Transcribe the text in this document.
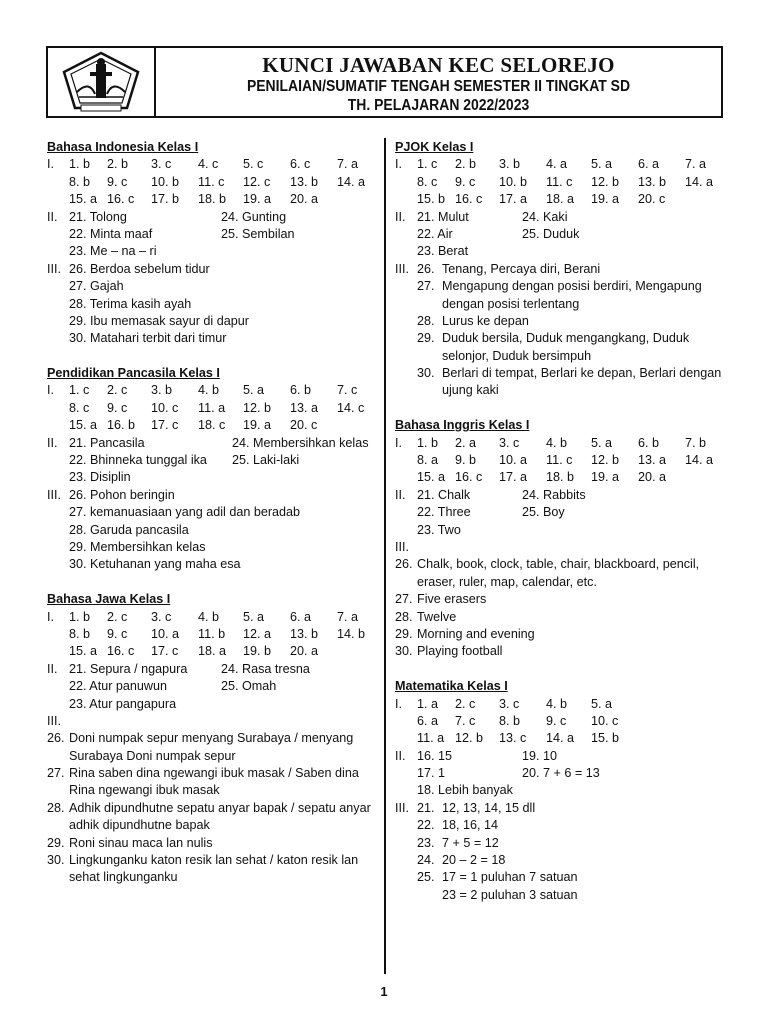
KUNCI JAWABAN KEC SELOREJO
PENILAIAN/SUMATIF TENGAH SEMESTER II TINGKAT SD
TH. PELAJARAN 2022/2023
Bahasa Indonesia Kelas I
I. 1. b 2. b 3. c 4. c 5. c 6. c 7. a
8. b 9. c 10. b 11. c 12. c 13. b 14. a
15. a 16. c 17. b 18. b 19. a 20. a
II. 21. Tolong	24. Gunting
22. Minta maaf	25. Sembilan
23. Me – na – ri
III. 26. Berdoa sebelum tidur
27. Gajah
28. Terima kasih ayah
29. Ibu memasak sayur di dapur
30. Matahari terbit dari timur
Pendidikan Pancasila Kelas I
I. 1. c 2. c 3. b 4. b 5. a 6. b 7. c
8. c 9. c 10. c 11. a 12. b 13. a 14. c
15. a 16. b 17. c 18. c 19. a 20. c
II. 21. Pancasila	24. Membersihkan kelas
22. Bhinneka tunggal ika 25. Laki-laki
23. Disiplin
III. 26. Pohon beringin
27. kemanuasiaan yang adil dan beradab
28. Garuda pancasila
29. Membersihkan kelas
30. Ketuhanan yang maha esa
Bahasa Jawa Kelas I
I. 1. b 2. c 3. c 4. b 5. a 6. a 7. a
8. b 9. c 10. a 11. b 12. a 13. b 14. b
15. a 16. c 17. c 18. a 19. b 20. a
II. 21. Sepura / ngapura	24. Rasa tresna
22. Atur panuwun	25. Omah
23. Atur pangapura
III.
26. Doni numpak sepur menyang Surabaya / menyang
Surabaya Doni numpak sepur
27. Rina saben dina ngewangi ibuk masak / Saben dina
Rina ngewangi ibuk masak
28. Adhik dipundhutne sepatu anyar bapak / sepatu anyar
adhik dipundhutne bapak
29. Roni sinau maca lan nulis
30. Lingkunganku katon resik lan sehat / katon resik lan
sehat lingkunganku
PJOK Kelas I
I. 1. c 2. b 3. b 4. a 5. a 6. a 7. a
8. c 9. c 10. b 11. c 12. b 13. b 14. a
15. b 16. c 17. a 18. a 19. a 20. c
II. 21. Mulut	24. Kaki
22. Air	25. Duduk
23. Berat
III. 26. Tenang, Percaya diri, Berani
27. Mengapung dengan posisi berdiri, Mengapung
dengan posisi terlentang
28. Lurus ke depan
29. Duduk bersila, Duduk mengangkang, Duduk
selonjor, Duduk bersimpuh
30. Berlari di tempat, Berlari ke depan, Berlari dengan
ujung kaki
Bahasa Inggris Kelas I
I. 1. b 2. a 3. c 4. b 5. a 6. b 7. b
8. a 9. b 10. a 11. c 12. b 13. a 14. a
15. a 16. c 17. a 18. b 19. a 20. a
II. 21. Chalk	24. Rabbits
22. Three	25. Boy
23. Two
III.
26. Chalk, book, clock, table, chair, blackboard, pencil,
eraser, ruler, map, calendar, etc.
27. Five erasers
28. Twelve
29. Morning and evening
30. Playing football
Matematika Kelas I
I. 1. a 2. c 3. c 4. b 5. a
6. a 7. c 8. b 9. c 10. c
11. a 12. b 13. c 14. a 15. b
II. 16. 15	19. 10
17. 1	20. 7 + 6 = 13
18. Lebih banyak
III. 21. 12, 13, 14, 15 dll
22. 18, 16, 14
23. 7 + 5 = 12
24. 20 – 2 = 18
25. 17 = 1 puluhan 7 satuan
23 = 2 puluhan 3 satuan
1
